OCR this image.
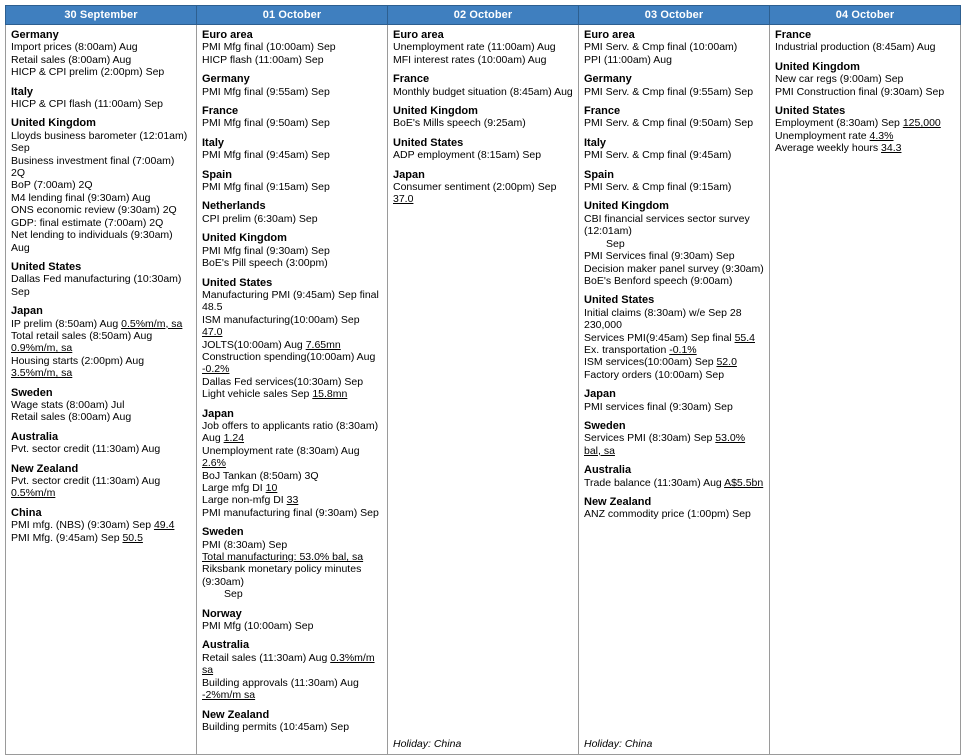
30 September	01 October	02 October	03 October	04 October

Germany
Import prices (8:00am) Aug
Retail sales (8:00am) Aug
HICP & CPI prelim (2:00pm) Sep
Italy
HICP & CPI flash (11:00am) Sep
United Kingdom
Lloyds business barometer (12:01am) Sep
Business investment final (7:00am) 2Q
BoP (7:00am) 2Q
M4 lending final (9:30am) Aug
ONS economic review (9:30am) 2Q
GDP: final estimate (7:00am) 2Q
Net lending to individuals (9:30am) Aug
United States
Dallas Fed manufacturing (10:30am) Sep
Japan
IP prelim (8:50am) Aug 0.5%m/m, sa
Total retail sales (8:50am) Aug 0.9%m/m, sa
Housing starts (2:00pm) Aug 3.5%m/m, sa
Sweden
Wage stats (8:00am) Jul
Retail sales (8:00am) Aug
Australia
Pvt. sector credit (11:30am) Aug
New Zealand
Pvt. sector credit (11:30am) Aug 0.5%m/m
China
PMI mfg. (NBS) (9:30am) Sep 49.4
PMI Mfg. (9:45am) Sep 50.5

Euro area
PMI Mfg final (10:00am) Sep
HICP flash (11:00am) Sep
Germany
PMI Mfg final (9:55am) Sep
France
PMI Mfg final (9:50am) Sep
Italy
PMI Mfg final (9:45am) Sep
Spain
PMI Mfg final (9:15am) Sep
Netherlands
CPI prelim (6:30am) Sep
United Kingdom
PMI Mfg final (9:30am) Sep
BoE's Pill speech (3:00pm)
United States
Manufacturing PMI (9:45am) Sep final 48.5
ISM manufacturing(10:00am) Sep 47.0
JOLTS(10:00am) Aug 7.65mn
Construction spending(10:00am) Aug -0.2%
Dallas Fed services(10:30am) Sep
Light vehicle sales Sep 15.8mn
Japan
Job offers to applicants ratio (8:30am) Aug 1.24
Unemployment rate (8:30am) Aug 2.6%
BoJ Tankan (8:50am) 3Q
Large mfg DI 10
Large non-mfg DI 33
PMI manufacturing final (9:30am) Sep
Sweden
PMI (8:30am) Sep
Total manufacturing: 53.0% bal, sa
Riksbank monetary policy minutes (9:30am)
Sep
Norway
PMI Mfg (10:00am) Sep
Australia
Retail sales (11:30am) Aug 0.3%m/m sa
Building approvals (11:30am) Aug -2%m/m sa
New Zealand
Building permits (10:45am) Sep

Euro area
Unemployment rate (11:00am) Aug
MFI interest rates (10:00am) Aug
France
Monthly budget situation (8:45am) Aug
United Kingdom
BoE's Mills speech (9:25am)
United States
ADP employment (8:15am) Sep
Japan
Consumer sentiment (2:00pm) Sep 37.0
Holiday: China

Euro area
PMI Serv. & Cmp final (10:00am)
PPI (11:00am) Aug
Germany
PMI Serv. & Cmp final (9:55am) Sep
France
PMI Serv. & Cmp final (9:50am) Sep
Italy
PMI Serv. & Cmp final (9:45am)
Spain
PMI Serv. & Cmp final (9:15am)
United Kingdom
CBI financial services sector survey (12:01am)
Sep
PMI Services final (9:30am) Sep
Decision maker panel survey (9:30am)
BoE's Benford speech (9:00am)
United States
Initial claims (8:30am) w/e Sep 28 230,000
Services PMI(9:45am) Sep final 55.4
Ex. transportation -0.1%
ISM services(10:00am) Sep 52.0
Factory orders (10:00am) Sep
Japan
PMI services final (9:30am) Sep
Sweden
Services PMI (8:30am) Sep 53.0% bal, sa
Australia
Trade balance (11:30am) Aug A$5.5bn
New Zealand
ANZ commodity price (1:00pm) Sep
Holiday: China

France
Industrial production (8:45am) Aug
United Kingdom
New car regs (9:00am) Sep
PMI Construction final (9:30am) Sep
United States
Employment (8:30am) Sep 125,000
Unemployment rate 4.3%
Average weekly hours 34.3
